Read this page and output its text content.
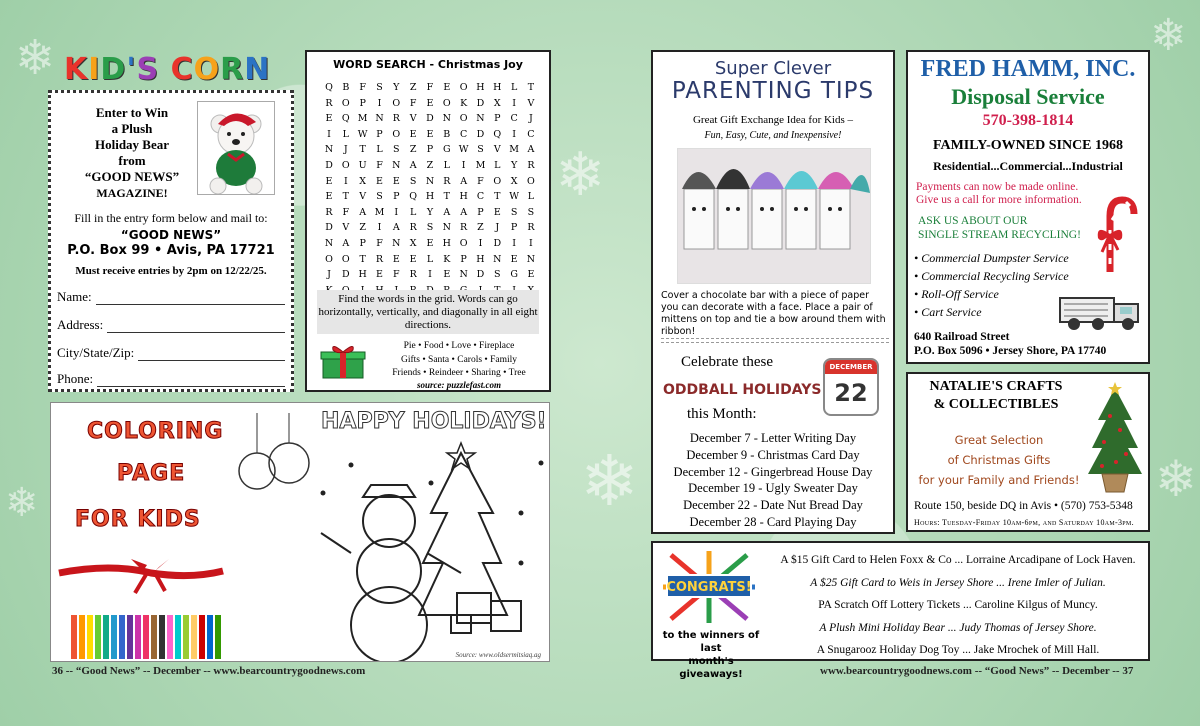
❄
❄
❄
❄
❄
❄
KID'S CORN
Enter to Win
a Plush
Holiday Bear
from
“GOOD NEWS”
MAGAZINE!
Fill in the entry form below and mail to:
“GOOD NEWS”
P.O. Box 99 • Avis, PA 17721
Must receive entries by 2pm on 12/22/25.
Name:
Address:
City/State/Zip:
Phone:
WORD SEARCH - Christmas Joy
Q B	F	S	Y	Z	F	E O H H	L	T
R O	P	I	O	F	E O K D	X	I	V
E Q M N R	V	D N O N P	C	J
I	L W P	O E	E	B	C D Q	I	C
N	J	T	L	S	Z	P	G W S	V M A
D O U	F N A	Z	L	I	M L	Y	R
E	I	X	E	E	S N R	A	F	O	X	O
E	T	V	S	P	Q H	T	H C	T W L
R	F	A M	I	L	Y	A	A	P	E	S	S
D	V	Z	I	A	R	S N R	Z	J	P	R
N A	P	F N X	E H O	I	D	I	I
O O	T	R	E	E	L	K	P H N E N
J	D H E	F	R	I	E N D	S	G	E
Find the words in the grid. Words can go horizontally, vertically, and diagonally in all eight directions.
Pie • Food • Love • Fireplace
Gifts • Santa • Carols • Family
Friends • Reindeer • Sharing • Tree
source: puzzlefast.com
COLORING
PAGE
FOR KIDS
HAPPY HOLIDAYS!
Source: www.oldsermitsiaq.ag
36 -- “Good News” -- December -- www.bearcountrygoodnews.com	www.bearcountrygoodnews.com -- “Good News” -- December -- 37
Super Clever
PARENTING TIPS
Great Gift Exchange Idea for Kids –
Fun, Easy, Cute, and Inexpensive!
Cover a chocolate bar with a piece of paper you can decorate with a face. Place a pair of mittens on top and tie a bow around them with ribbon!
Celebrate these
ODDBALL HOLIDAYS
this Month:
DECEMBER
22
December 7 - Letter Writing Day
December 9 - Christmas Card Day
December 12 - Gingerbread House Day
December 19 - Ugly Sweater Day
December 22 - Date Nut Bread Day
December 28 - Card Playing Day
FRED HAMM, INC.
Disposal Service
570-398-1814
FAMILY-OWNED SINCE 1968
Residential...Commercial...Industrial
Payments can now be made online.
Give us a call for more information.
ASK US ABOUT OUR
SINGLE STREAM RECYCLING!
• Commercial Dumpster Service
• Commercial Recycling Service
• Roll-Off Service
• Cart Service
640 Railroad Street
P.O. Box 5096 • Jersey Shore, PA 17740
NATALIE'S CRAFTS
& COLLECTIBLES
Great Selection
of Christmas Gifts
for your Family and Friends!
Route 150, beside DQ in Avis • (570) 753-5348
Hours: Tuesday-Friday 10am-6pm, and Saturday 10am-3pm.
CONGRATS!
to the winners of last
month's giveaways!
A $15 Gift Card to Helen Foxx & Co ... Lorraine Arcadipane of Lock Haven.
A $25 Gift Card to Weis in Jersey Shore ... Irene Imler of Julian.
PA Scratch Off Lottery Tickets ... Caroline Kilgus of Muncy.
A Plush Mini Holiday Bear ... Judy Thomas of Jersey Shore.
A Snugarooz Holiday Dog Toy ... Jake Mrochek of Mill Hall.
